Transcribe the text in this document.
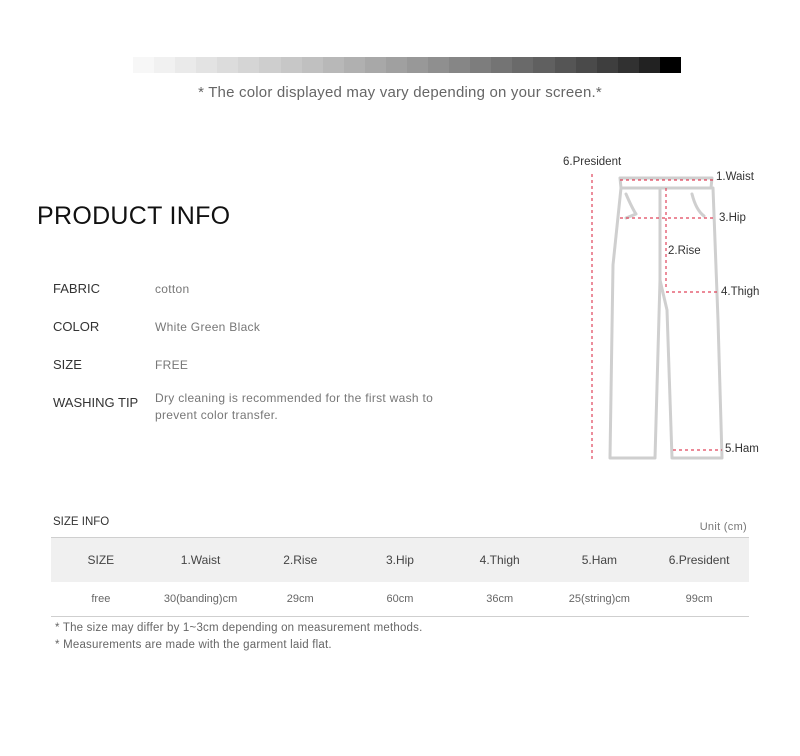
* The color displayed may vary depending on your screen.*
PRODUCT INFO
FABRIC	cotton
COLOR	White Green Black
SIZE	FREE
WASHING TIP Dry cleaning is recommended for the first wash to
prevent color transfer.
6.President
1.Waist
3.Hip
2.Rise
4.Thigh
5.Ham
SIZE INFO	Unit (cm)
SIZE	1.Waist	2.Rise	3.Hip	4.Thigh	5.Ham	6.President
free	30(banding)cm	29cm	60cm	36cm	25(string)cm	99cm
* The size may differ by 1~3cm depending on measurement methods.
* Measurements are made with the garment laid flat.
